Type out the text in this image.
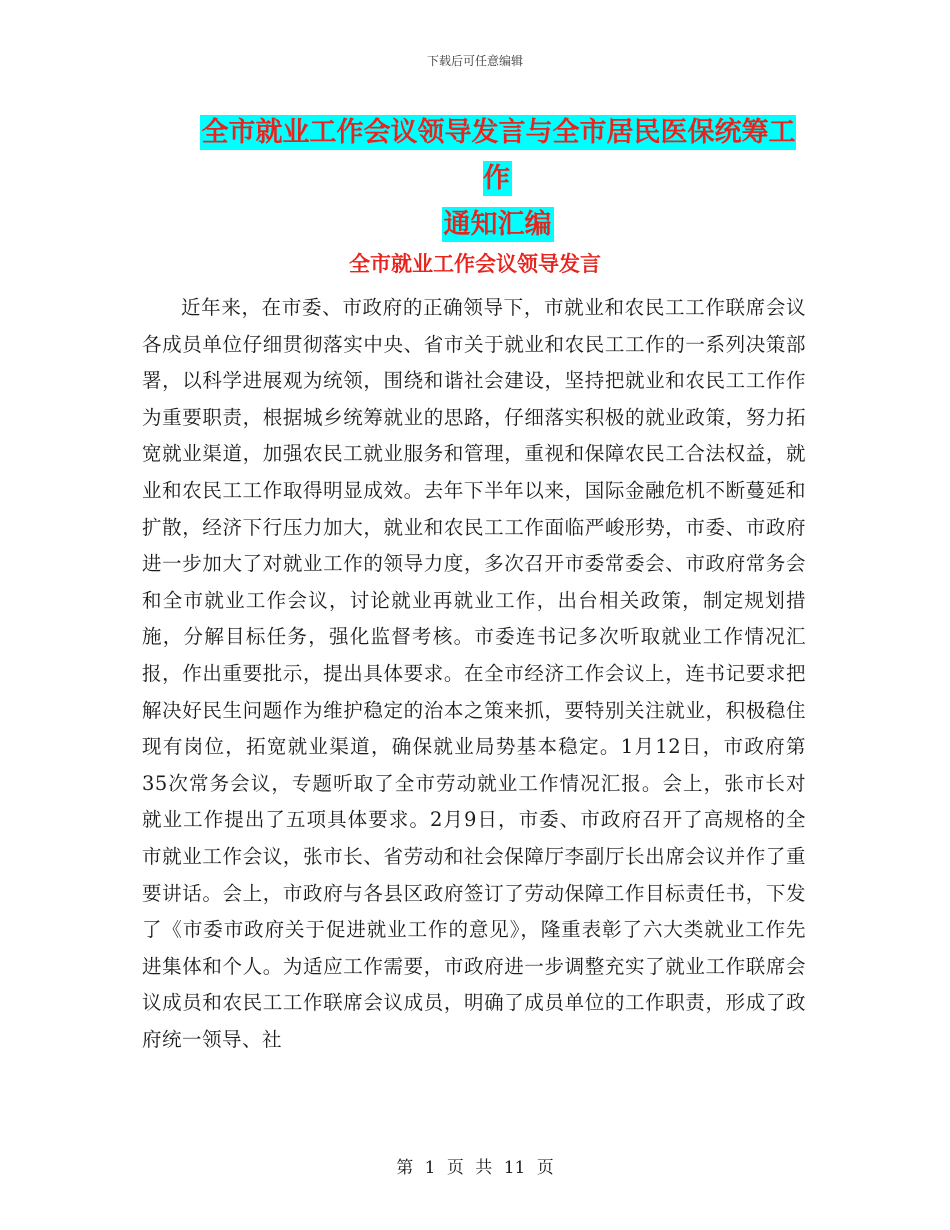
下载后可任意编辑
全市就业工作会议领导发言与全市居民医保统筹工作
通知汇编
全市就业工作会议领导发言

近年来，在市委、市政府的正确领导下，市就业和农民工工作联席会议各成员单位仔细贯彻落实中央、省市关于就业和农民工工作的一系列决策部署，以科学进展观为统领，围绕和谐社会建设，坚持把就业和农民工工作作为重要职责，根据城乡统筹就业的思路，仔细落实积极的就业政策，努力拓宽就业渠道，加强农民工就业服务和管理，重视和保障农民工合法权益，就业和农民工工作取得明显成效。去年下半年以来，国际金融危机不断蔓延和扩散，经济下行压力加大，就业和农民工工作面临严峻形势，市委、市政府进一步加大了对就业工作的领导力度，多次召开市委常委会、市政府常务会和全市就业工作会议，讨论就业再就业工作，出台相关政策，制定规划措施，分解目标任务，强化监督考核。市委连书记多次听取就业工作情况汇报，作出重要批示，提出具体要求。在全市经济工作会议上，连书记要求把解决好民生问题作为维护稳定的治本之策来抓，要特别关注就业，积极稳住现有岗位，拓宽就业渠道，确保就业局势基本稳定。1月12日，市政府第35次常务会议，专题听取了全市劳动就业工作情况汇报。会上，张市长对就业工作提出了五项具体要求。2月9日，市委、市政府召开了高规格的全市就业工作会议，张市长、省劳动和社会保障厅李副厅长出席会议并作了重要讲话。会上，市政府与各县区政府签订了劳动保障工作目标责任书，下发了《市委市政府关于促进就业工作的意见》，隆重表彰了六大类就业工作先进集体和个人。为适应工作需要，市政府进一步调整充实了就业工作联席会议成员和农民工工作联席会议成员，明确了成员单位的工作职责，形成了政府统一领导、社

第 1 页 共 11 页
